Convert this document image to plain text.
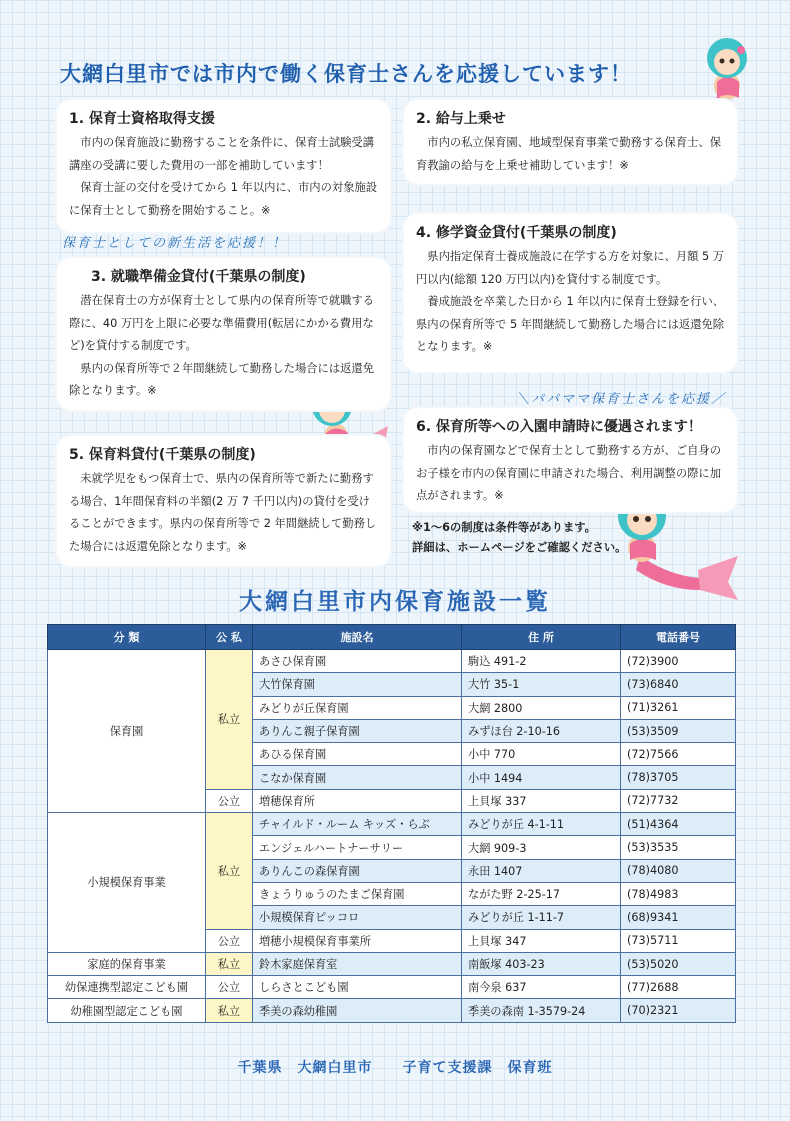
大網白里市では市内で働く保育士さんを応援しています！
1. 保育士資格取得支援

市内の保育施設に勤務することを条件に、保育士試験受講講座の受講に要した費用の一部を補助しています！

保育士証の交付を受けてから 1 年以内に、市内の対象施設に保育士として勤務を開始すること。※

2. 給与上乗せ

市内の私立保育園、地域型保育事業で勤務する保育士、保育教諭の給与を上乗せ補助しています！※

保育士としての新生活を応援！！
3. 就職準備金貸付(千葉県の制度)

潜在保育士の方が保育士として県内の保育所等で就職する際に、40 万円を上限に必要な準備費用(転居にかかる費用など)を貸付する制度です。

県内の保育所等で２年間継続して勤務した場合には返還免除となります。※

4. 修学資金貸付(千葉県の制度)

県内指定保育士養成施設に在学する方を対象に、月額 5 万円以内(総額 120 万円以内)を貸付する制度です。

養成施設を卒業した日から 1 年以内に保育士登録を行い、県内の保育所等で 5 年間継続して勤務した場合には返還免除となります。※

＼パパママ保育士さんを応援／
6. 保育所等への入園申請時に優遇されます！

市内の保育園などで保育士として勤務する方が、ご自身のお子様を市内の保育園に申請された場合、利用調整の際に加点がされます。※

5. 保育料貸付(千葉県の制度)

未就学児をもつ保育士で、県内の保育所等で新たに勤務する場合、1年間保育料の半額(2 万 7 千円以内)の貸付を受けることができます。県内の保育所等で 2 年間継続して勤務した場合には返還免除となります。※

※1～6の制度は条件等があります。
詳細は、ホームページをご確認ください。
大網白里市内保育施設一覧
分 類	公 私	施設名	住 所	電話番号
保育園	私立	あさひ保育園	駒込 491-2	(72)3900
		大竹保育園	大竹 35-1	(73)6840
		みどりが丘保育園	大網 2800	(71)3261
		ありんこ親子保育園	みずほ台 2-10-16	(53)3509
		あひる保育園	小中 770	(72)7566
		こなか保育園	小中 1494	(78)3705
	公立	増穂保育所	上貝塚 337	(72)7732
小規模保育事業	私立	チャイルド・ルーム キッズ・らぶ	みどりが丘 4-1-11	(51)4364
		エンジェルハートナーサリー	大網 909-3	(53)3535
		ありんこの森保育園	永田 1407	(78)4080
		きょうりゅうのたまご保育園	ながた野 2-25-17	(78)4983
		小規模保育ピッコロ	みどりが丘 1-11-7	(68)9341
	公立	増穂小規模保育事業所	上貝塚 347	(73)5711
家庭的保育事業	私立	鈴木家庭保育室	南飯塚 403-23	(53)5020
幼保連携型認定こども園	公立	しらさとこども園	南今泉 637	(77)2688
幼稚園型認定こども園	私立	季美の森幼稚園	季美の森南 1-3579-24	(70)2321
千葉県　大網白里市　　子育て支援課　保育班
